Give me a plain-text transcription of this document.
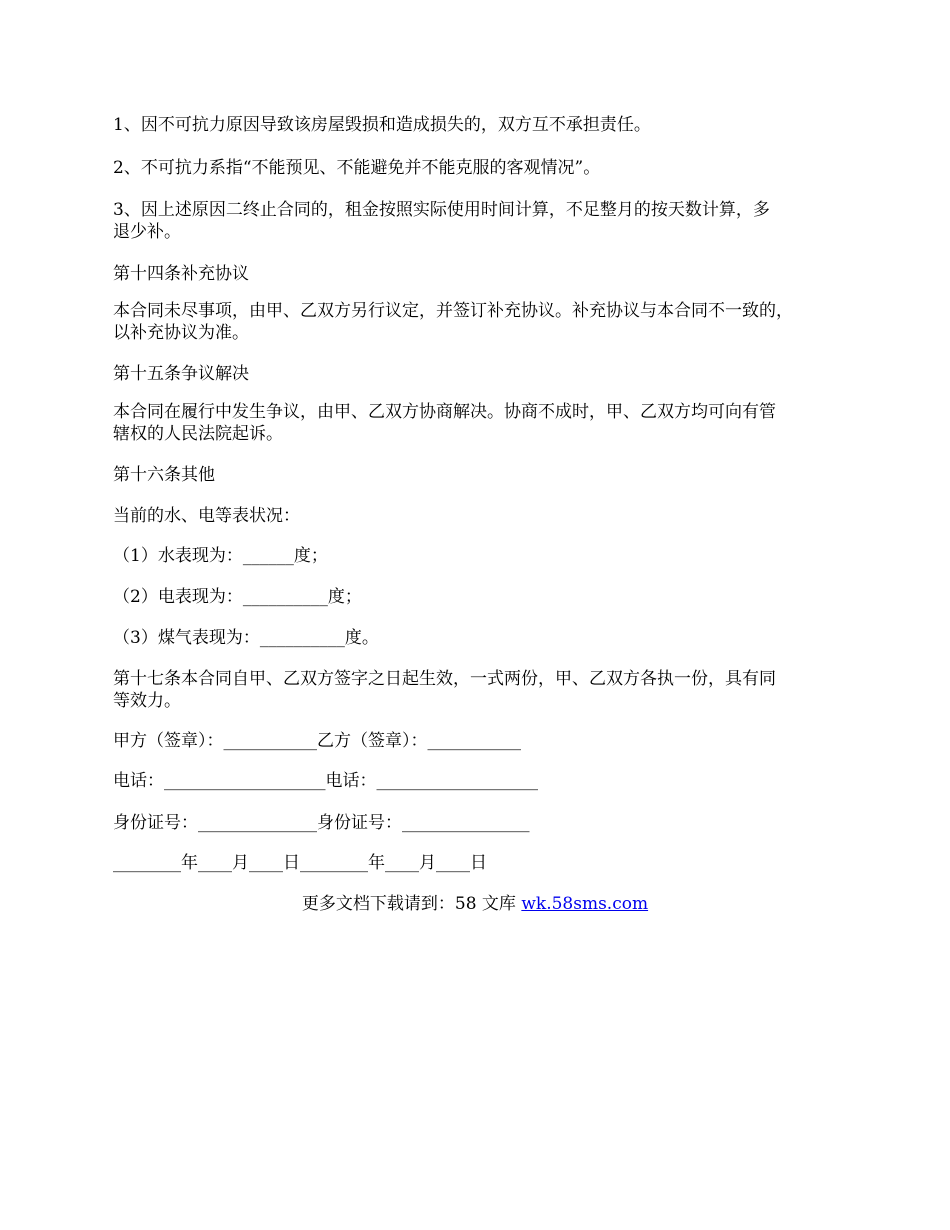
1、因不可抗力原因导致该房屋毁损和造成损失的，双方互不承担责任。
2、不可抗力系指“不能预见、不能避免并不能克服的客观情况”。
3、因上述原因二终止合同的，租金按照实际使用时间计算，不足整月的按天数计算，多
退少补。
第十四条补充协议
本合同未尽事项，由甲、乙双方另行议定，并签订补充协议。补充协议与本合同不一致的，
以补充协议为准。
第十五条争议解决
本合同在履行中发生争议，由甲、乙双方协商解决。协商不成时，甲、乙双方均可向有管
辖权的人民法院起诉。
第十六条其他
当前的水、电等表状况：
（1）水表现为：______度；
（2）电表现为：__________度；
（3）煤气表现为：__________度。
第十七条本合同自甲、乙双方签字之日起生效，一式两份，甲、乙双方各执一份，具有同
等效力。
甲方（签章）：___________乙方（签章）：___________
电话：___________________电话：___________________
身份证号：______________身份证号：_______________
________年____月____日________年____月____日
更多文档下载请到：58 文库 wk.58sms.com
